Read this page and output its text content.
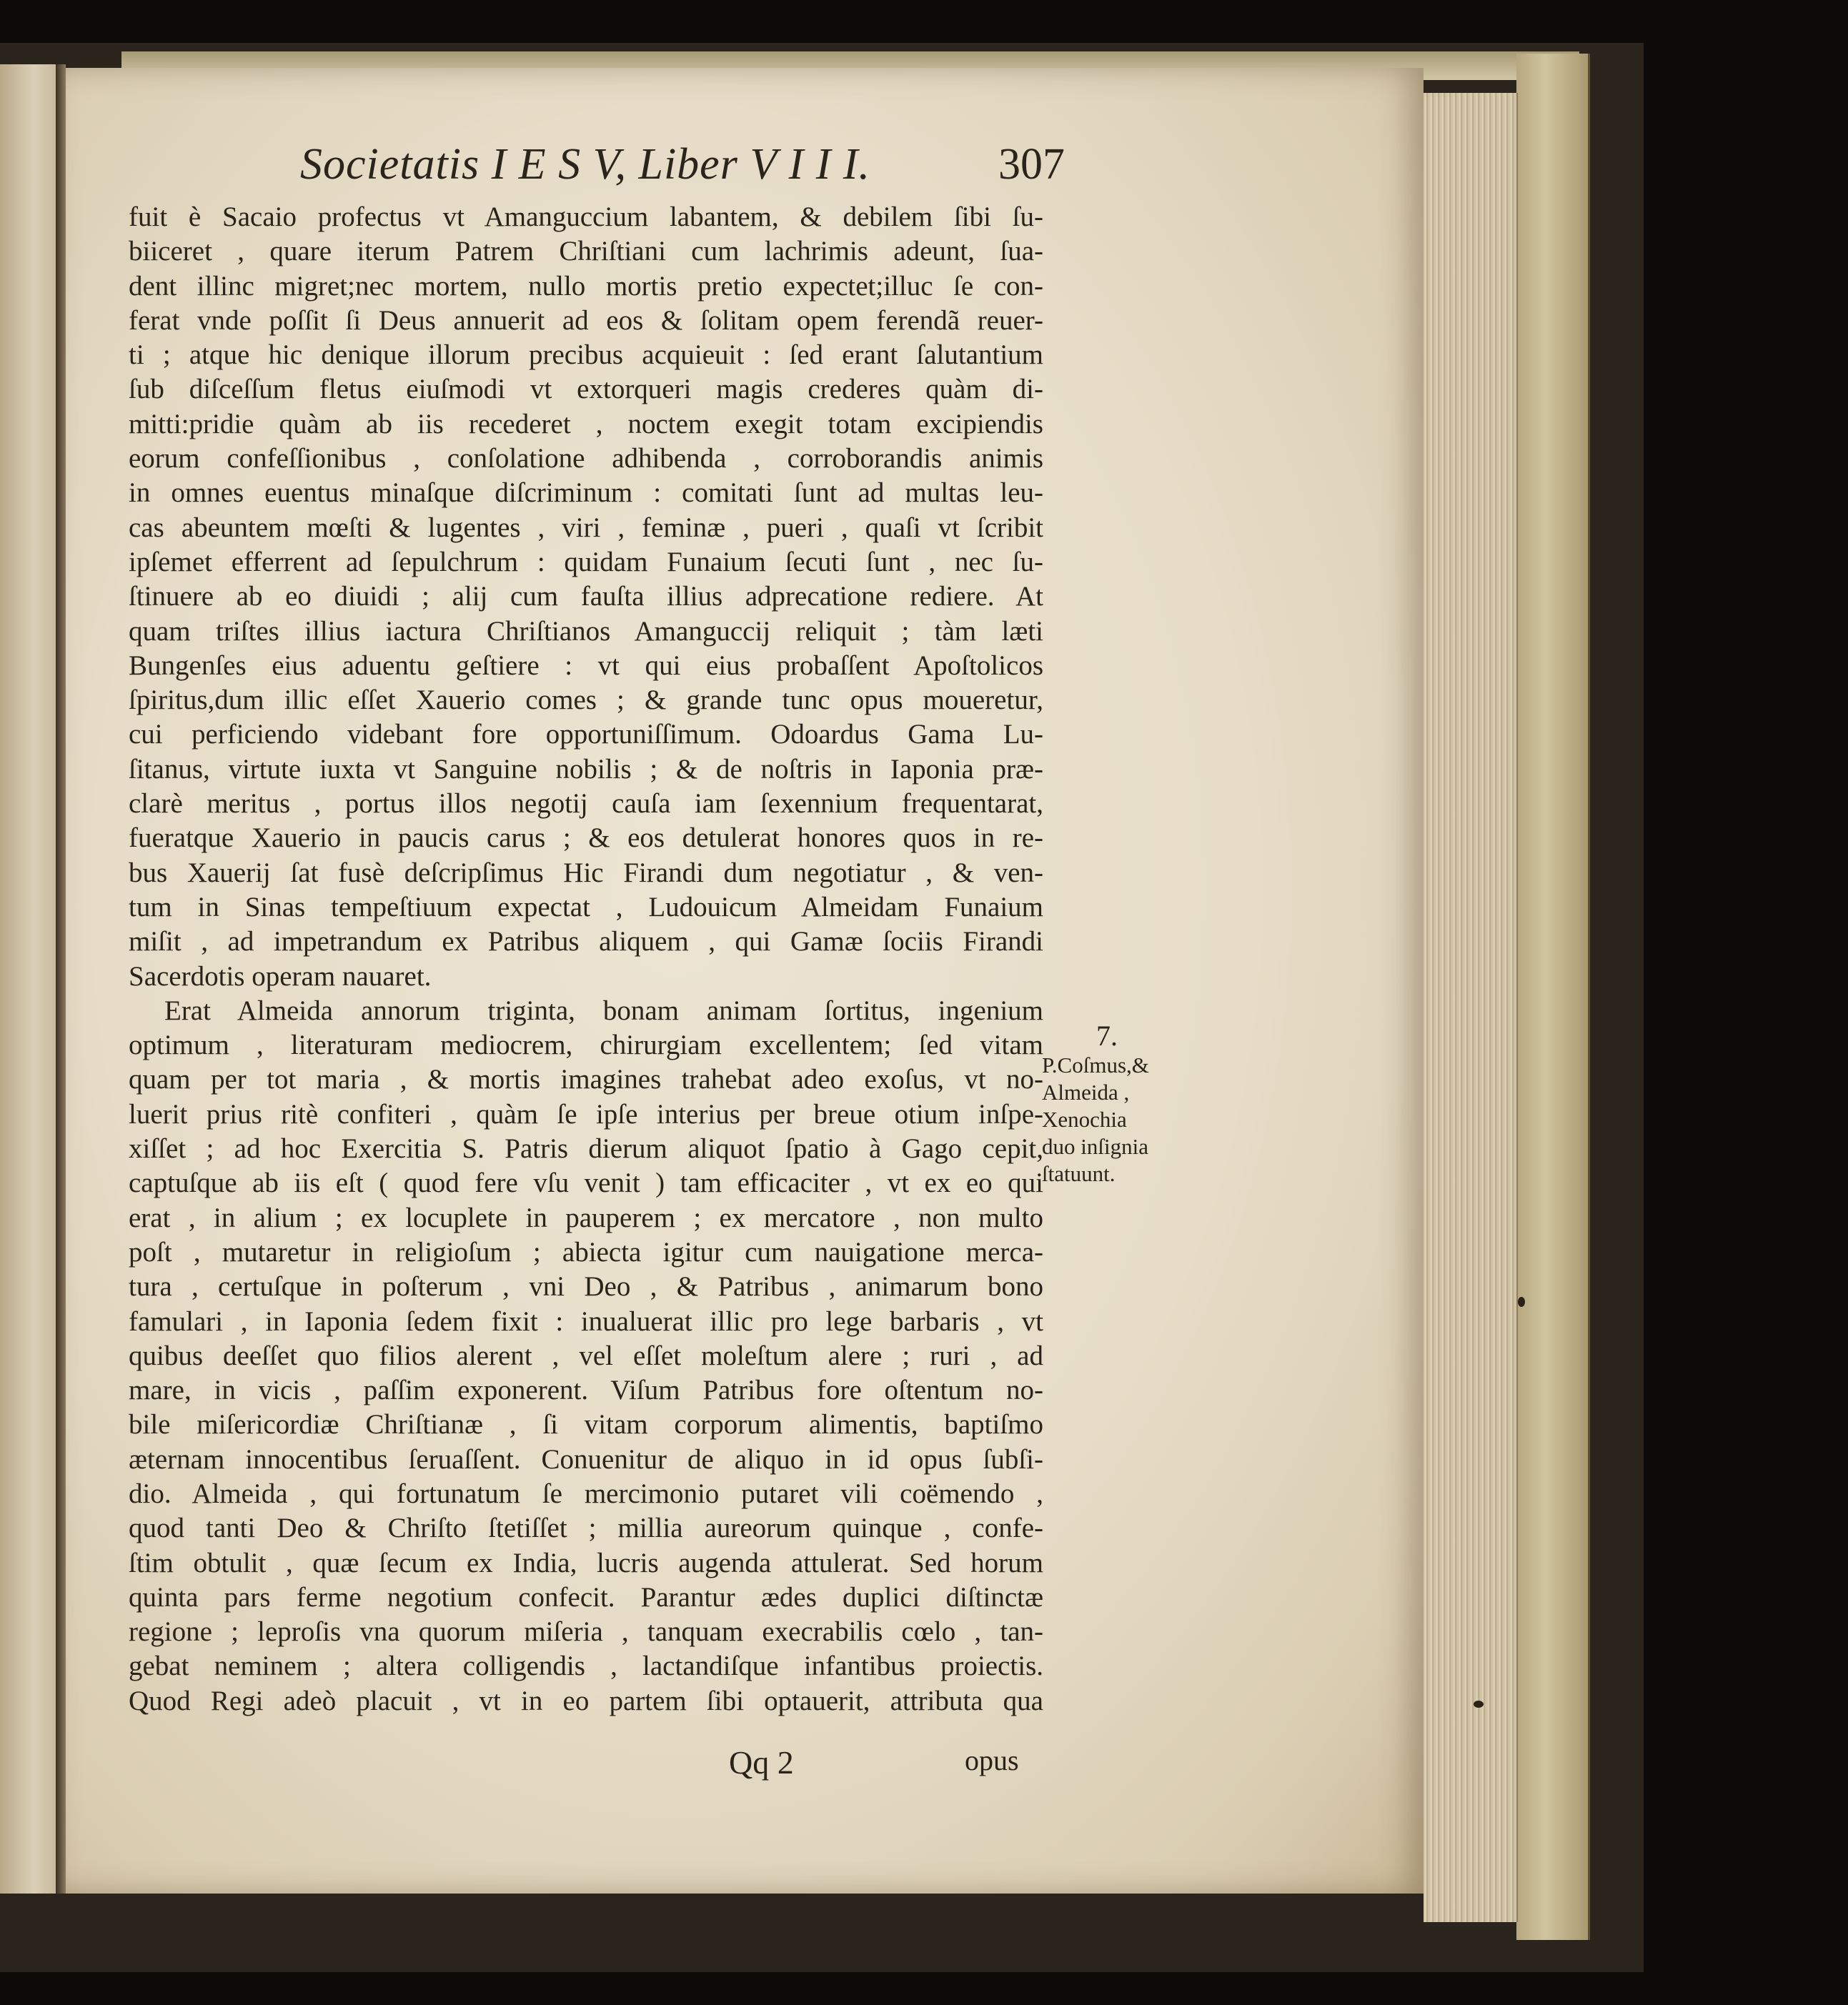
Societatis I E S V, Liber V I I I.	307
fuit è Sacaio profectus vt Amanguccium labantem, & debilem ſibi ſu-
biiceret , quare iterum Patrem Chriſtiani cum lachrimis adeunt, ſua-
dent illinc migret;nec mortem, nullo mortis pretio expectet;illuc ſe con-
ferat vnde poſſit ſi Deus annuerit ad eos & ſolitam opem ferendã reuer-
ti ; atque hic denique illorum precibus acquieuit : ſed erant ſalutantium
ſub diſceſſum fletus eiuſmodi vt extorqueri magis crederes quàm di-
mitti:pridie quàm ab iis recederet , noctem exegit totam excipiendis
eorum confeſſionibus , conſolatione adhibenda , corroborandis animis
in omnes euentus minaſque diſcriminum : comitati ſunt ad multas leu-
cas abeuntem mœſti & lugentes , viri , feminæ , pueri , quaſi vt ſcribit
ipſemet efferrent ad ſepulchrum : quidam Funaium ſecuti ſunt , nec ſu-
ſtinuere ab eo diuidi ; alij cum fauſta illius adprecatione rediere. At
quam triſtes illius iactura Chriſtianos Amanguccij reliquit ; tàm læti
Bungenſes eius aduentu geſtiere : vt qui eius probaſſent Apoſtolicos
ſpiritus,dum illic eſſet Xauerio comes ; & grande tunc opus moueretur,
cui perficiendo videbant fore opportuniſſimum. Odoardus Gama Lu-
ſitanus, virtute iuxta vt Sanguine nobilis ; & de noſtris in Iaponia præ-
clarè meritus , portus illos negotij cauſa iam ſexennium frequentarat,
fueratque Xauerio in paucis carus ; & eos detulerat honores quos in re-
bus Xauerij ſat fusè deſcripſimus Hic Firandi dum negotiatur , & ven-
tum in Sinas tempeſtiuum expectat , Ludouicum Almeidam Funaium
miſit , ad impetrandum ex Patribus aliquem , qui Gamæ ſociis Firandi
Sacerdotis operam nauaret.
Erat Almeida annorum triginta, bonam animam ſortitus, ingenium
optimum , literaturam mediocrem, chirurgiam excellentem; ſed vitam
quam per tot maria , & mortis imagines trahebat adeo exoſus, vt no-
luerit prius ritè confiteri , quàm ſe ipſe interius per breue otium inſpe-
xiſſet ; ad hoc Exercitia S. Patris dierum aliquot ſpatio à Gago cepit,
captuſque ab iis eſt ( quod fere vſu venit ) tam efficaciter , vt ex eo qui
erat , in alium ; ex locuplete in pauperem ; ex mercatore , non multo
poſt , mutaretur in religioſum ; abiecta igitur cum nauigatione merca-
tura , certuſque in poſterum , vni Deo , & Patribus , animarum bono
famulari , in Iaponia ſedem fixit : inualuerat illic pro lege barbaris , vt
quibus deeſſet quo filios alerent , vel eſſet moleſtum alere ; ruri , ad
mare, in vicis , paſſim exponerent. Viſum Patribus fore oſtentum no-
bile miſericordiæ Chriſtianæ , ſi vitam corporum alimentis, baptiſmo
æternam innocentibus ſeruaſſent. Conuenitur de aliquo in id opus ſubſi-
dio. Almeida , qui fortunatum ſe mercimonio putaret vili coëmendo ,
quod tanti Deo & Chriſto ſtetiſſet ; millia aureorum quinque , confe-
ſtim obtulit , quæ ſecum ex India, lucris augenda attulerat. Sed horum
quinta pars ferme negotium confecit. Parantur ædes duplici diſtinctæ
regione ; leproſis vna quorum miſeria , tanquam execrabilis cœlo , tan-
gebat neminem ; altera colligendis , lactandiſque infantibus proiectis.
Quod Regi adeò placuit , vt in eo partem ſibi optauerit, attributa qua
7.
P.Coſmus,&
Almeida ,
Xenochia
duo inſignia
ſtatuunt.
Qq 2	opus
